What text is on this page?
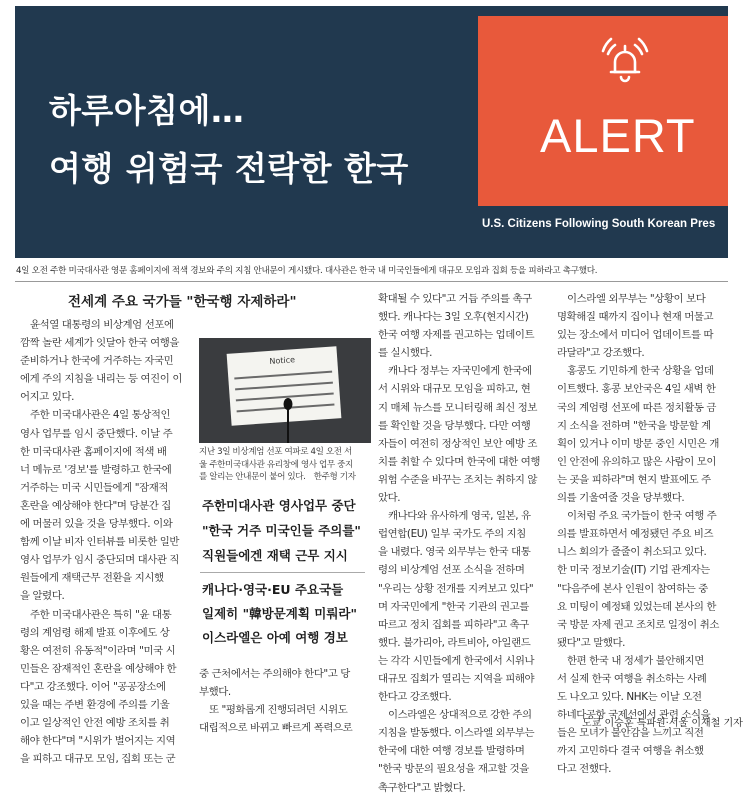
하루아침에…
여행 위험국 전락한 한국
ALERT
U.S. Citizens Following South Korean Pres
4일 오전 주한 미국대사관 영문 홈페이지에 적색 경보와 주의 지침 안내문이 게시됐다. 대사관은 한국 내 미국인들에게 대규모 모임과 집회 등을 피하라고 촉구했다.
전세계 주요 국가들 "한국행 자제하라"

　윤석열 대통령의 비상계엄 선포에

깜짝 놀란 세계가 잇달아 한국 여행을

준비하거나 한국에 거주하는 자국민

에게 주의 지침을 내리는 등 여진이 이

어지고 있다.

　주한 미국대사관은 4일 통상적인

영사 업무를 임시 중단했다. 이날 주

한 미국대사관 홈페이지에 적색 배

너 메뉴로 '경보'를 발령하고 한국에

거주하는 미국 시민들에게 "잠재적

혼란을 예상해야 한다"며 당분간 집

에 머물러 있을 것을 당부했다. 이와

함께 이날 비자 인터뷰를 비롯한 일반

영사 업무가 임시 중단되며 대사관 직

원들에게 재택근무 전환을 지시했

을 알렸다.

　주한 미국대사관은 특히 "윤 대통

령의 계엄령 해제 발표 이후에도 상

황은 여전히 유동적"이라며 "미국 시

민들은 잠재적인 혼란을 예상해야 한

다"고 강조했다. 이어 "공공장소에

있을 때는 주변 환경에 주의를 기울

이고 일상적인 안전 예방 조치를 취

해야 한다"며 "시위가 벌어지는 지역

을 피하고 대규모 모임, 집회 또는 군

Notice

지난 3일 비상계엄 선포 여파로 4일 오전 서

울 주한미국대사관 유리창에 영사 업무 중지

를 알리는 안내문이 붙어 있다.　한주형 기자

주한미대사관 영사업무 중단
"한국 거주 미국인들 주의를"
직원들에겐 재택 근무 지시
캐나다·영국·EU 주요국들
일제히 "韓방문계획 미뤄라"
이스라엘은 아예 여행 경보

중 근처에서는 주의해야 한다"고 당

부했다.

　또 "평화롭게 진행되려던 시위도

대립적으로 바뀌고 빠르게 폭력으로

확대될 수 있다"고 거듭 주의를 촉구

했다. 캐나다는 3일 오후(현지시간)

한국 여행 자제를 권고하는 업데이트

를 실시했다.

　캐나다 정부는 자국민에게 한국에

서 시위와 대규모 모임을 피하고, 현

지 매체 뉴스를 모니터링해 최신 정보

를 확인할 것을 당부했다. 다만 여행

자들이 여전히 정상적인 보안 예방 조

치를 취할 수 있다며 한국에 대한 여행

위험 수준을 바꾸는 조치는 취하지 않

았다.

　캐나다와 유사하게 영국, 일본, 유

럽연합(EU) 일부 국가도 주의 지침

을 내렸다. 영국 외무부는 한국 대통

령의 비상계엄 선포 소식을 전하며

"우리는 상황 전개를 지켜보고 있다"

며 자국민에게 "한국 기관의 권고를

따르고 정치 집회를 피하라"고 촉구

했다. 불가리아, 라트비아, 아일랜드

는 각각 시민들에게 한국에서 시위나

대규모 집회가 열리는 지역을 피해야

한다고 강조했다.

　이스라엘은 상대적으로 강한 주의

지침을 발동했다. 이스라엘 외무부는

한국에 대한 여행 경보를 발령하며

"한국 방문의 필요성을 재고할 것을

촉구한다"고 밝혔다.

　이스라엘 외무부는 "상황이 보다

명확해질 때까지 집이나 현재 머물고

있는 장소에서 미디어 업데이트를 따

라달라"고 강조했다.

　홍콩도 기민하게 한국 상황을 업데

이트했다. 홍콩 보안국은 4일 새벽 한

국의 계엄령 선포에 따른 정치활동 금

지 소식을 전하며 "한국을 방문할 계

획이 있거나 이미 방문 중인 시민은 개

인 안전에 유의하고 많은 사람이 모이

는 곳을 피하라"며 현지 발표에도 주

의를 기울여줄 것을 당부했다.

　이처럼 주요 국가들이 한국 여행 주

의를 발표하면서 예정됐던 주요 비즈

니스 회의가 줄줄이 취소되고 있다.

한 미국 정보기술(IT) 기업 관계자는

"다음주에 본사 인원이 참여하는 중

요 미팅이 예정돼 있었는데 본사의 한

국 방문 자제 권고 조치로 일정이 취소

됐다"고 말했다.

　한편 한국 내 정세가 불안해지면

서 실제 한국 여행을 취소하는 사례

도 나오고 있다. NHK는 이날 오전

하네다공항 국제선에서 관련 소식을

들은 모녀가 불안감을 느끼고 직전

까지 고민하다 결국 여행을 취소했

다고 전했다.

도쿄 이승훈 특파원·서울 이재철 기자
